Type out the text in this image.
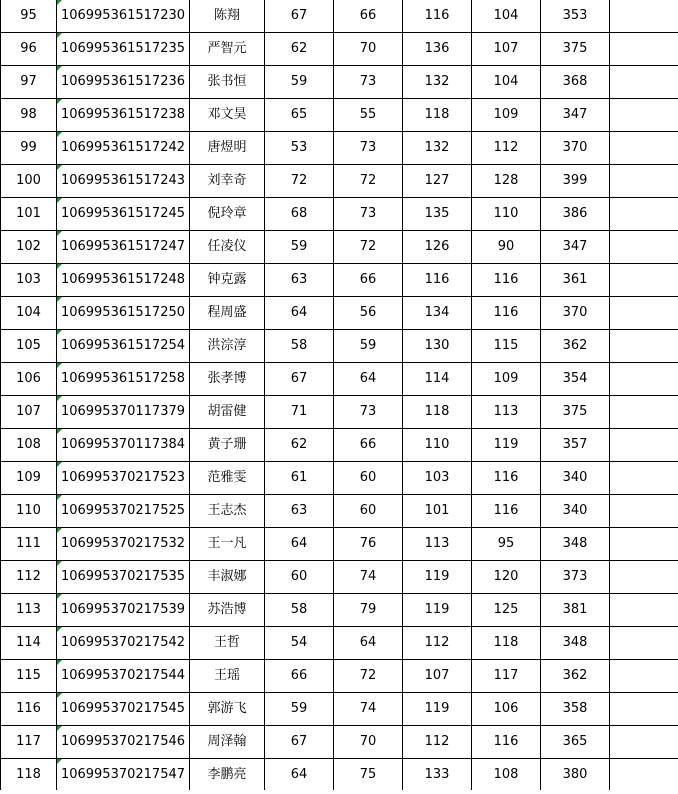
95	106995361517230	陈翔	67	66	116	104	353	
96	106995361517235	严智元	62	70	136	107	375	
97	106995361517236	张书恒	59	73	132	104	368	
98	106995361517238	邓文昊	65	55	118	109	347	
99	106995361517242	唐煜明	53	73	132	112	370	
100	106995361517243	刘幸奇	72	72	127	128	399	
101	106995361517245	倪玲章	68	73	135	110	386	
102	106995361517247	任凌仪	59	72	126	90	347	
103	106995361517248	钟克露	63	66	116	116	361	
104	106995361517250	程周盛	64	56	134	116	370	
105	106995361517254	洪淙淳	58	59	130	115	362	
106	106995361517258	张孝博	67	64	114	109	354	
107	106995370117379	胡雷健	71	73	118	113	375	
108	106995370117384	黄子珊	62	66	110	119	357	
109	106995370217523	范雅雯	61	60	103	116	340	
110	106995370217525	王志杰	63	60	101	116	340	
111	106995370217532	王一凡	64	76	113	95	348	
112	106995370217535	丰淑娜	60	74	119	120	373	
113	106995370217539	苏浩博	58	79	119	125	381	
114	106995370217542	王哲	54	64	112	118	348	
115	106995370217544	王瑶	66	72	107	117	362	
116	106995370217545	郭游飞	59	74	119	106	358	
117	106995370217546	周泽翰	67	70	112	116	365	
118	106995370217547	李鹏亮	64	75	133	108	380	
